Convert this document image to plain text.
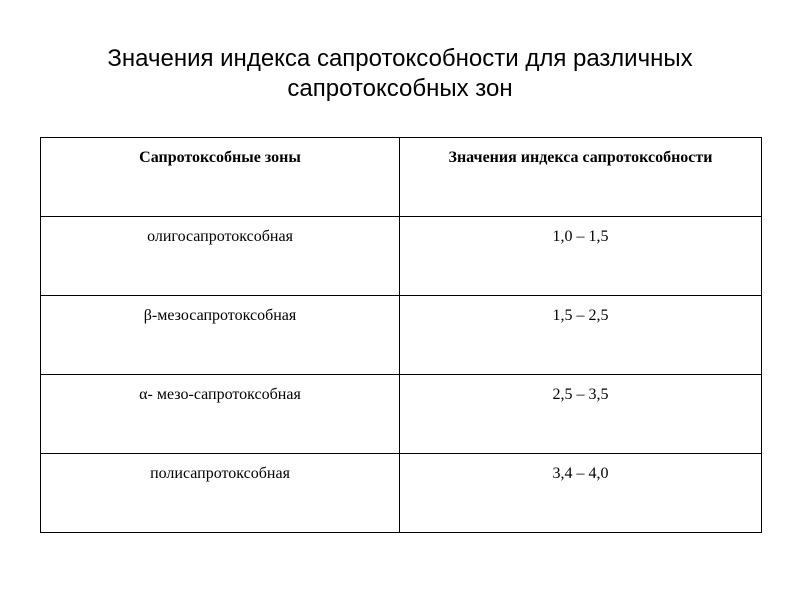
Значения индекса сапротоксобности для различных
сапротоксобных зон
Сапротоксобные зоны	Значения индекса сапротоксобности
олигосапротоксобная	1,0 – 1,5
β-мезосапротоксобная	1,5 – 2,5
α- мезо-сапротоксобная	2,5 – 3,5
полисапротоксобная	3,4 – 4,0
